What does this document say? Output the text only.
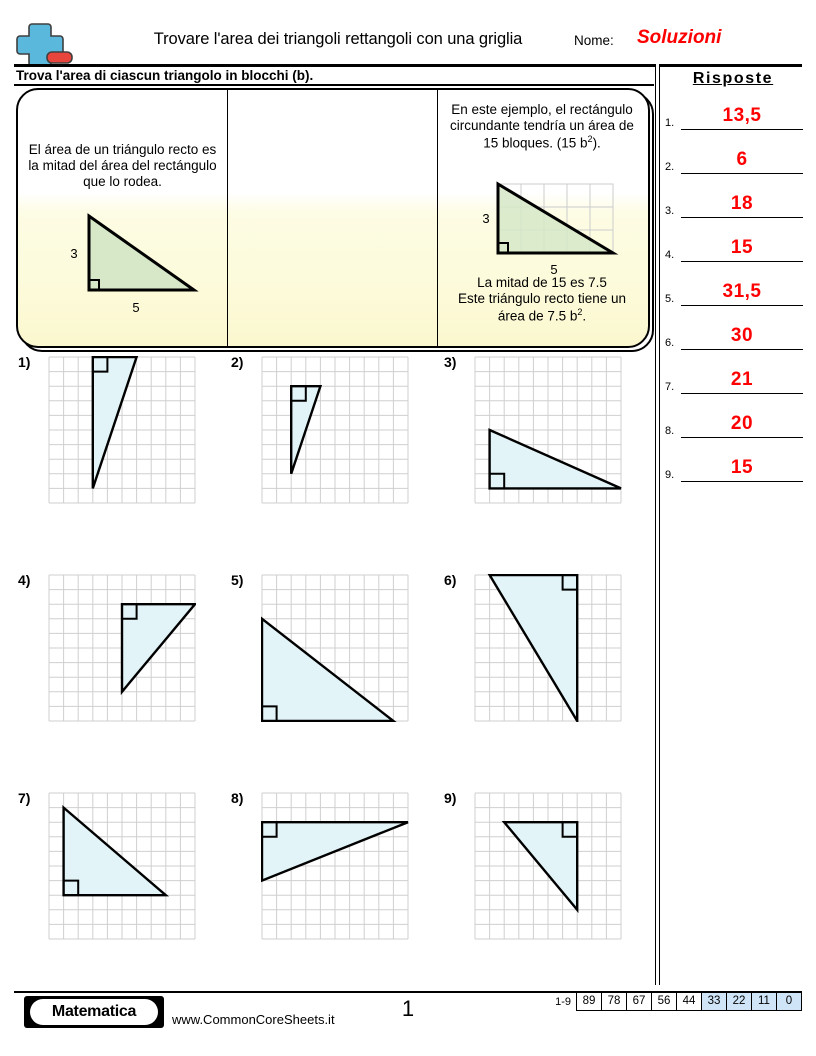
Trovare l'area dei triangoli rettangoli con una griglia	Nome: Soluzioni
Trova l'area di ciascun triangolo in blocchi (b).	Risposte
1.	13,5
2.	6
3.	18
4.	15
5.	31,5
6.	30
7.	21
8.	20
9.	15
El área de un triángulo recto es la mitad del área del rectángulo que lo rodea.
3
5
En este ejemplo, el rectángulo circundante tendría un área de 15 bloques. (15 $b^2$).
3
5
La mitad de 15 es 7.5
Este triángulo recto tiene un área de 7.5 $b^2$.
1)	2)	3)
4)	5)	6)
7)	8)	9)
Matematica	www.CommonCoreSheets.it	1	1-9	89	78	67	56	44	33	22	11	0
